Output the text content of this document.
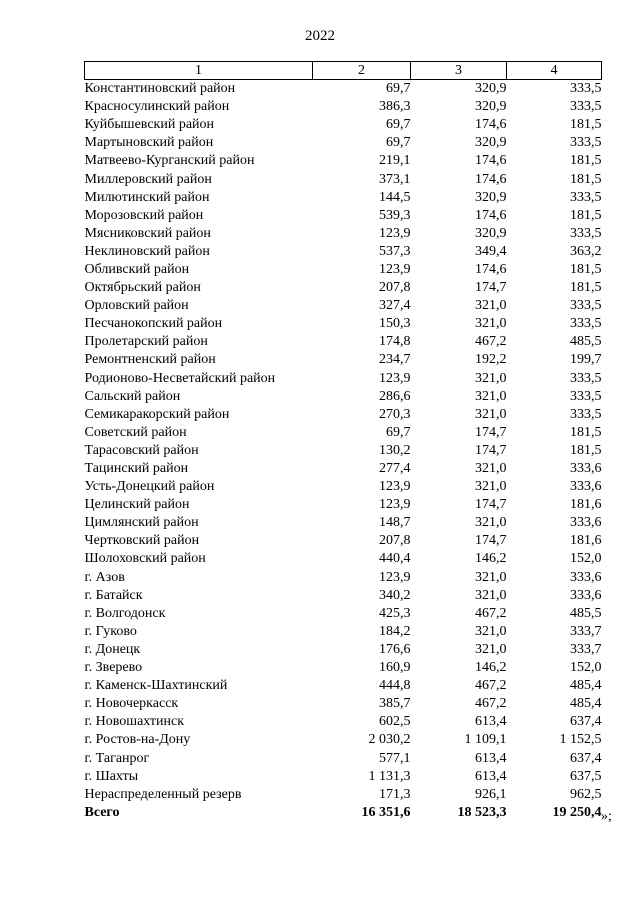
2022
1	2	3	4
Константиновский район	69,7	320,9	333,5
Красносулинский район	386,3	320,9	333,5
Куйбышевский район	69,7	174,6	181,5
Мартыновский район	69,7	320,9	333,5
Матвеево-Курганский район	219,1	174,6	181,5
Миллеровский район	373,1	174,6	181,5
Милютинский район	144,5	320,9	333,5
Морозовский район	539,3	174,6	181,5
Мясниковский район	123,9	320,9	333,5
Неклиновский район	537,3	349,4	363,2
Обливский район	123,9	174,6	181,5
Октябрьский район	207,8	174,7	181,5
Орловский район	327,4	321,0	333,5
Песчанокопский район	150,3	321,0	333,5
Пролетарский район	174,8	467,2	485,5
Ремонтненский район	234,7	192,2	199,7
Родионово-Несветайский район	123,9	321,0	333,5
Сальский район	286,6	321,0	333,5
Семикаракорский район	270,3	321,0	333,5
Советский район	69,7	174,7	181,5
Тарасовский район	130,2	174,7	181,5
Тацинский район	277,4	321,0	333,6
Усть-Донецкий район	123,9	321,0	333,6
Целинский район	123,9	174,7	181,6
Цимлянский район	148,7	321,0	333,6
Чертковский район	207,8	174,7	181,6
Шолоховский район	440,4	146,2	152,0
г. Азов	123,9	321,0	333,6
г. Батайск	340,2	321,0	333,6
г. Волгодонск	425,3	467,2	485,5
г. Гуково	184,2	321,0	333,7
г. Донецк	176,6	321,0	333,7
г. Зверево	160,9	146,2	152,0
г. Каменск-Шахтинский	444,8	467,2	485,4
г. Новочеркасск	385,7	467,2	485,4
г. Новошахтинск	602,5	613,4	637,4
г. Ростов-на-Дону	2 030,2	1 109,1	1 152,5
г. Таганрог	577,1	613,4	637,4
г. Шахты	1 131,3	613,4	637,5
Нераспределенный резерв	171,3	926,1	962,5
Всего	16 351,6	18 523,3	19 250,4 »;
